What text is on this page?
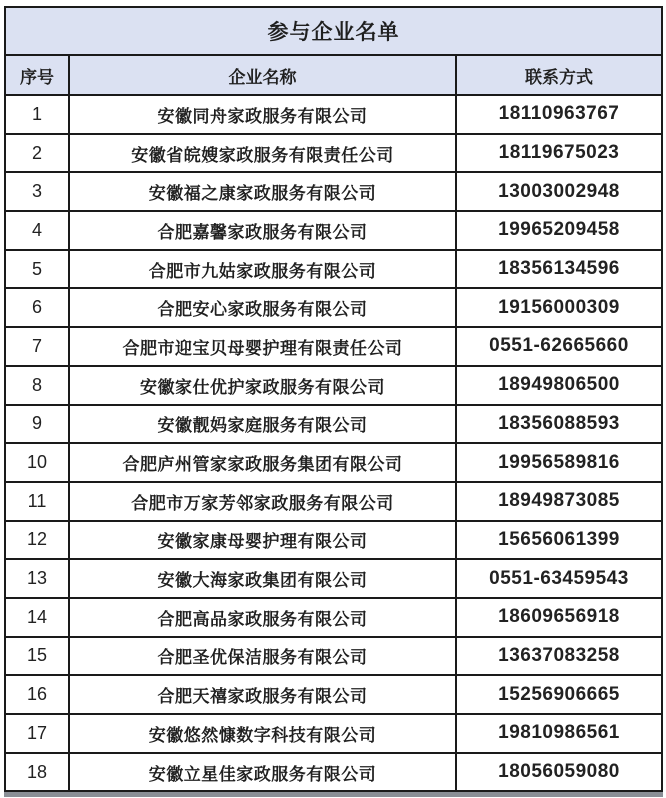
参与企业名单
序号	企业名称	联系方式
1	安徽同舟家政服务有限公司	18110963767
2	安徽省皖嫂家政服务有限责任公司	18119675023
3	安徽福之康家政服务有限公司	13003002948
4	合肥嘉馨家政服务有限公司	19965209458
5	合肥市九姑家政服务有限公司	18356134596
6	合肥安心家政服务有限公司	19156000309
7	合肥市迎宝贝母婴护理有限责任公司	0551-62665660
8	安徽家仕优护家政服务有限公司	18949806500
9	安徽靓妈家庭服务有限公司	18356088593
10	合肥庐州管家家政服务集团有限公司	19956589816
11	合肥市万家芳邻家政服务有限公司	18949873085
12	安徽家康母婴护理有限公司	15656061399
13	安徽大海家政集团有限公司	0551-63459543
14	合肥高品家政服务有限公司	18609656918
15	合肥圣优保洁服务有限公司	13637083258
16	合肥天禧家政服务有限公司	15256906665
17	安徽悠然慷数字科技有限公司	19810986561
18	安徽立星佳家政服务有限公司	18056059080
